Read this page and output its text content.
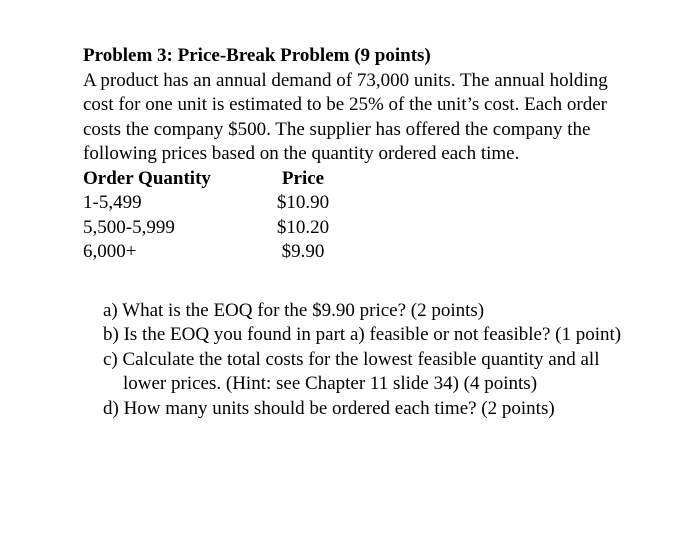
Problem 3: Price-Break Problem (9 points)

A product has an annual demand of 73,000 units. The annual holding cost for one unit is estimated to be 25% of the unit’s cost. Each order costs the company $500. The supplier has offered the company the following prices based on the quantity ordered each time.

Order Quantity	Price
1-5,499	$10.90
5,500-5,999	$10.20
6,000+	$9.90
a) What is the EOQ for the $9.90 price? (2 points)
b) Is the EOQ you found in part a) feasible or not feasible? (1 point)
c) Calculate the total costs for the lowest feasible quantity and all lower prices. (Hint: see Chapter 11 slide 34) (4 points)
d) How many units should be ordered each time? (2 points)
